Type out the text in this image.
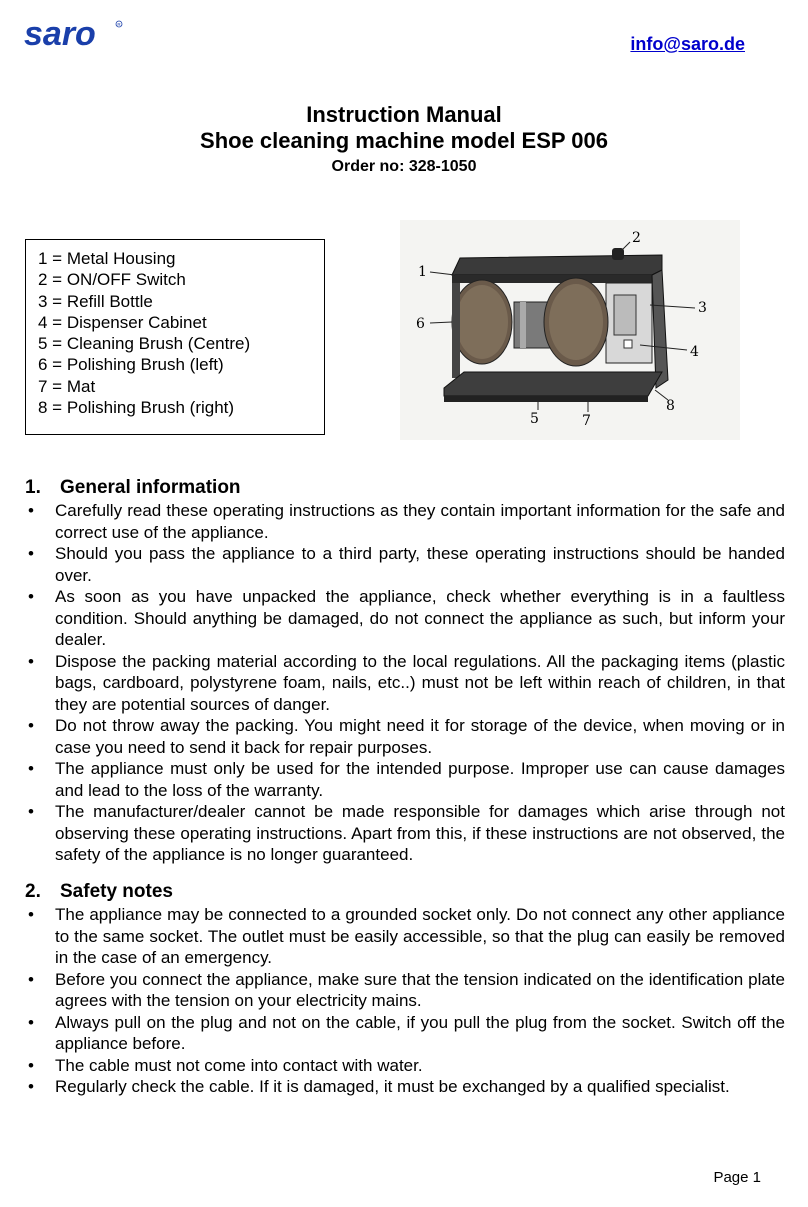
saro	R
info@saro.de
Instruction Manual
Shoe cleaning machine model ESP 006
Order no: 328-1050
1 = Metal Housing
2 = ON/OFF Switch
3 = Refill Bottle
4 = Dispenser Cabinet
5 = Cleaning Brush (Centre)
6 = Polishing Brush (left)
7 = Mat
8 = Polishing Brush (right)
1
2
3
4
5
6
7
8
1. General information
• Carefully read these operating instructions as they contain important information for the safe and correct use of the appliance.
• Should you pass the appliance to a third party, these operating instructions should be handed over.
• As soon as you have unpacked the appliance, check whether everything is in a faultless condition. Should anything be damaged, do not connect the appliance as such, but inform your dealer.
• Dispose the packing material according to the local regulations. All the packaging items (plastic bags, cardboard, polystyrene foam, nails, etc..) must not be left within reach of children, in that they are potential sources of danger.
• Do not throw away the packing. You might need it for storage of the device, when moving or in case you need to send it back for repair purposes.
• The appliance must only be used for the intended purpose. Improper use can cause damages and lead to the loss of the warranty.
• The manufacturer/dealer cannot be made responsible for damages which arise through not observing these operating instructions. Apart from this, if these instructions are not observed, the safety of the appliance is no longer guaranteed.
2. Safety notes
• The appliance may be connected to a grounded socket only. Do not connect any other appliance to the same socket. The outlet must be easily accessible, so that the plug can easily be removed in the case of an emergency.
• Before you connect the appliance, make sure that the tension indicated on the identification plate agrees with the tension on your electricity mains.
• Always pull on the plug and not on the cable, if you pull the plug from the socket. Switch off the appliance before.
• The cable must not come into contact with water.
• Regularly check the cable. If it is damaged, it must be exchanged by a qualified specialist.
Page 1
